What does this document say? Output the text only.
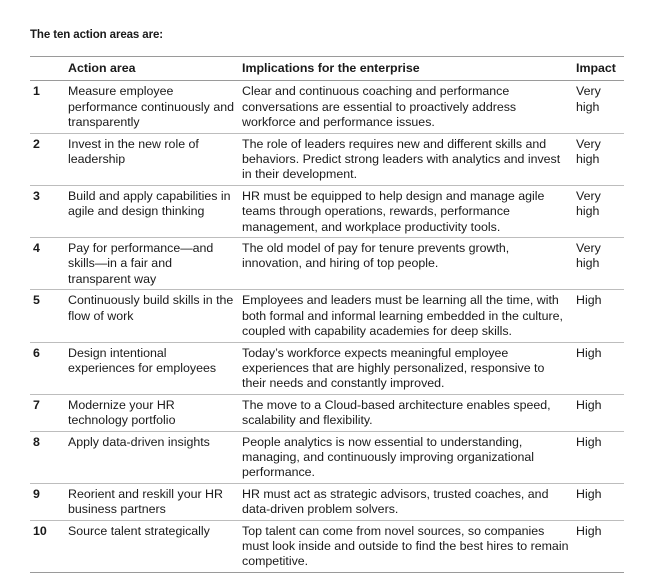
The ten action areas are:
	Action area	Implications for the enterprise	Impact
1	Measure employee performance continuously and transparently	Clear and continuous coaching and performance conversations are essential to proactively address workforce and performance issues.	Very high
2	Invest in the new role of leadership	The role of leaders requires new and different skills and behaviors. Predict strong leaders with analytics and invest in their development.	Very high
3	Build and apply capabilities in agile and design thinking	HR must be equipped to help design and manage agile teams through operations, rewards, performance management, and workplace productivity tools.	Very high
4	Pay for performance—and skills—in a fair and transparent way	The old model of pay for tenure prevents growth, innovation, and hiring of top people.	Very high
5	Continuously build skills in the flow of work	Employees and leaders must be learning all the time, with both formal and informal learning embedded in the culture, coupled with capability academies for deep skills.	High
6	Design intentional experiences for employees	Today’s workforce expects meaningful employee experiences that are highly personalized, responsive to their needs and constantly improved.	High
7	Modernize your HR technology portfolio	The move to a Cloud-based architecture enables speed, scalability and flexibility.	High
8	Apply data-driven insights	People analytics is now essential to understanding, managing, and continuously improving organizational performance.	High
9	Reorient and reskill your HR business partners	HR must act as strategic advisors, trusted coaches, and data-driven problem solvers.	High
10	Source talent strategically	Top talent can come from novel sources, so companies must look inside and outside to find the best hires to remain competitive.	High
